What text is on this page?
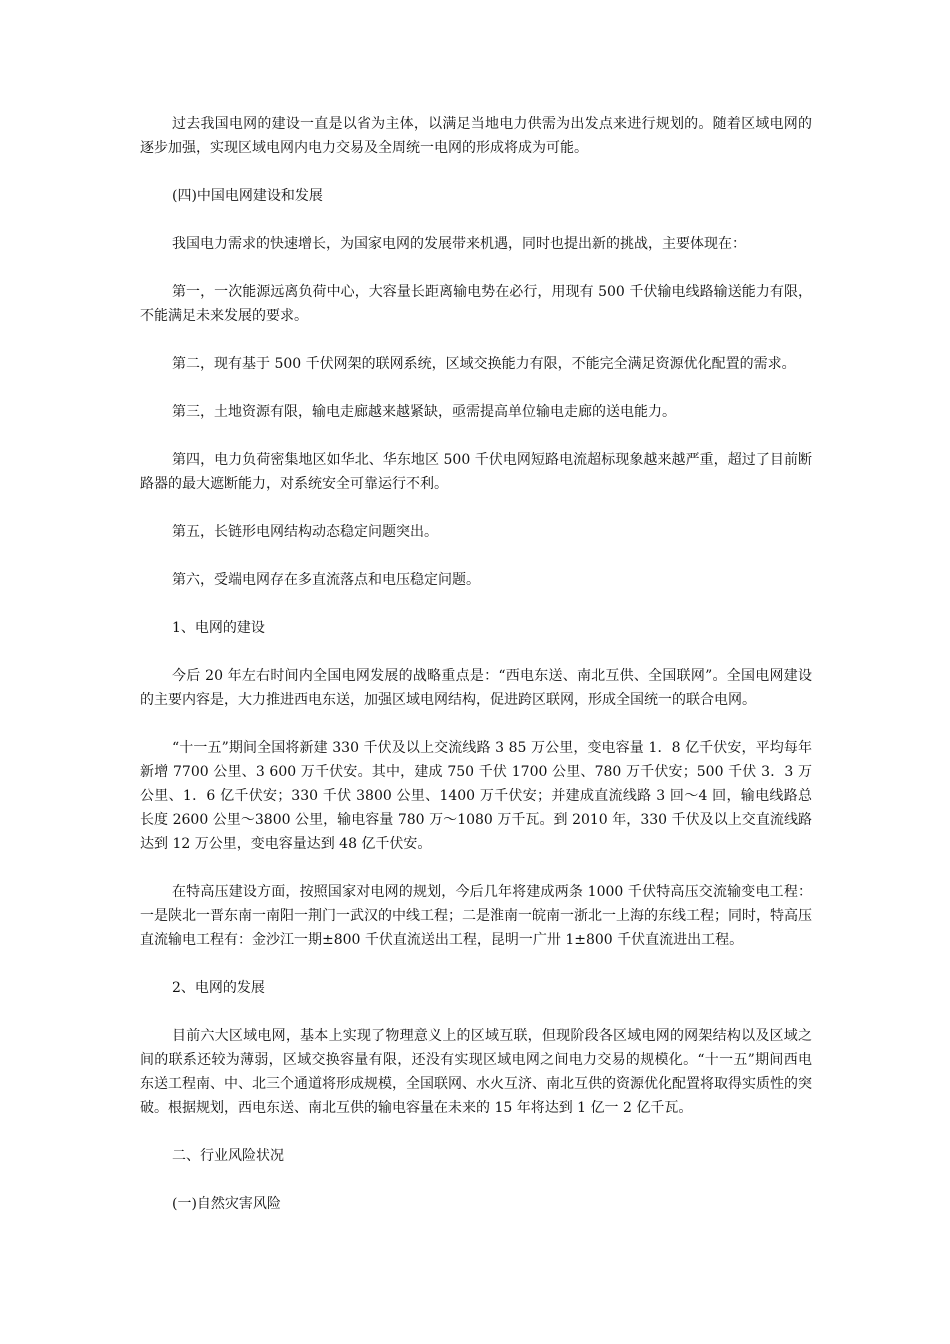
过去我国电网的建设一直是以省为主体，以满足当地电力供需为出发点来进行规划的。随着区域电网的逐步加强，实现区域电网内电力交易及全周统一电网的形成将成为可能。

(四)中国电网建设和发展

我国电力需求的快速增长，为国家电网的发展带来机遇，同时也提出新的挑战，主要体现在：

第一，一次能源远离负荷中心，大容量长距离输电势在必行，用现有 500 千伏输电线路输送能力有限，不能满足未来发展的要求。

第二，现有基于 500 千伏网架的联网系统，区域交换能力有限，不能完全满足资源优化配置的需求。

第三，土地资源有限，输电走廊越来越紧缺，亟需提高单位输电走廊的送电能力。

第四，电力负荷密集地区如华北、华东地区 500 千伏电网短路电流超标现象越来越严重，超过了目前断路器的最大遮断能力，对系统安全可靠运行不利。

第五，长链形电网结构动态稳定问题突出。

第六，受端电网存在多直流落点和电压稳定问题。

1、电网的建设

今后 20 年左右时间内全国电网发展的战略重点是：“西电东送、南北互供、全国联网”。全国电网建设的主要内容是，大力推进西电东送，加强区域电网结构，促进跨区联网，形成全国统一的联合电网。

“十一五”期间全国将新建 330 千伏及以上交流线路 3 85 万公里，变电容量 1．8 亿千伏安，平均每年新增 7700 公里、3 600 万千伏安。其中，建成 750 千伏 1700 公里、780 万千伏安；500 千伏 3．3 万公里、1．6 亿千伏安；330 千伏 3800 公里、1400 万千伏安；并建成直流线路 3 回～4 回，输电线路总长度 2600 公里～3800 公里，输电容量 780 万～1080 万千瓦。到 2010 年，330 千伏及以上交直流线路达到 12 万公里，变电容量达到 48 亿千伏安。

在特高压建设方面，按照国家对电网的规划，今后几年将建成两条 1000 千伏特高压交流输变电工程：一是陕北一晋东南一南阳一荆门一武汉的中线工程；二是淮南一皖南一浙北一上海的东线工程；同时，特高压直流输电工程有：金沙江一期±800 千伏直流送出工程，昆明一广卅 1±800 千伏直流进出工程。

2、电网的发展

目前六大区域电网，基本上实现了物理意义上的区域互联，但现阶段各区域电网的网架结构以及区域之间的联系还较为薄弱，区域交换容量有限，还没有实现区域电网之间电力交易的规模化。“十一五”期间西电东送工程南、中、北三个通道将形成规模，全国联网、水火互济、南北互供的资源优化配置将取得实质性的突破。根据规划，西电东送、南北互供的输电容量在未来的 15 年将达到 1 亿一 2 亿千瓦。

二、行业风险状况

(一)自然灾害风险
